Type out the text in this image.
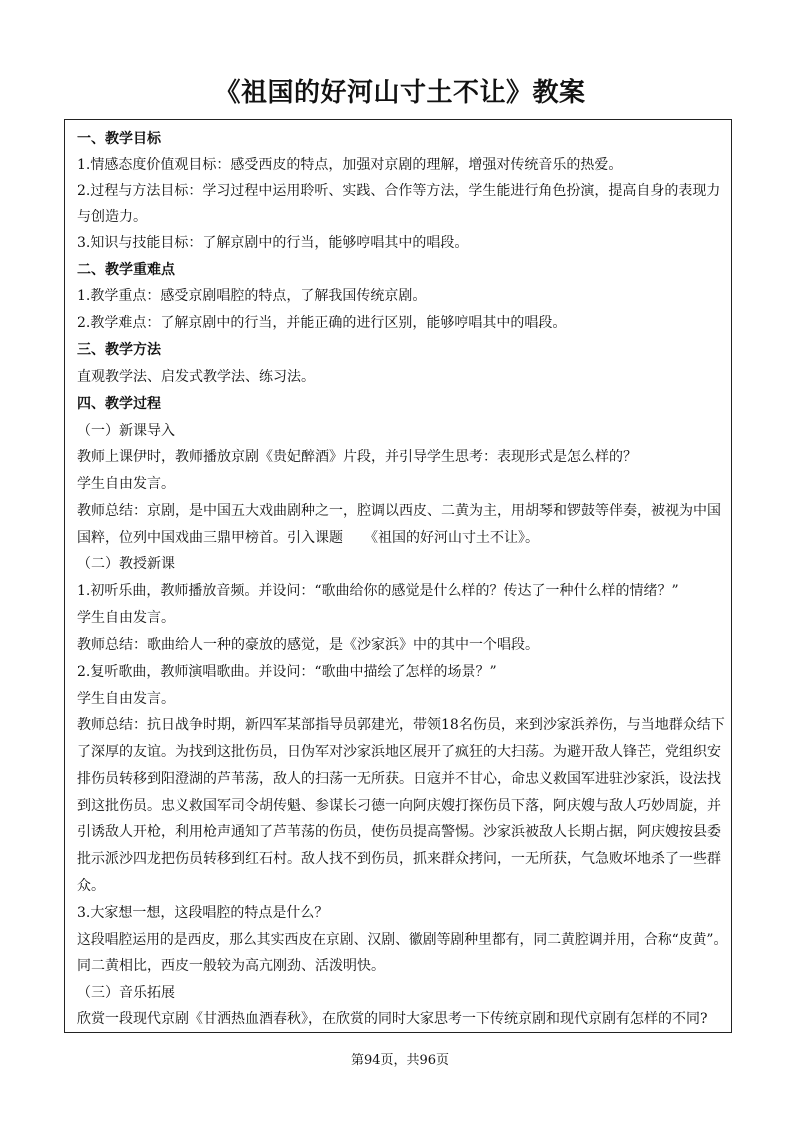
《祖国的好河山寸土不让》教案
一、教学目标
1.情感态度价值观目标：感受西皮的特点，加强对京剧的理解，增强对传统音乐的热爱。
2.过程与方法目标：学习过程中运用聆听、实践、合作等方法，学生能进行角色扮演，提高自身的表现力
与创造力。
3.知识与技能目标：了解京剧中的行当，能够哼唱其中的唱段。
二、教学重难点
1.教学重点：感受京剧唱腔的特点，了解我国传统京剧。
2.教学难点：了解京剧中的行当，并能正确的进行区别，能够哼唱其中的唱段。
三、教学方法
直观教学法、启发式教学法、练习法。
四、教学过程
（一）新课导入
教师上课伊时，教师播放京剧《贵妃醉酒》片段，并引导学生思考：表现形式是怎么样的？
学生自由发言。
教师总结：京剧，是中国五大戏曲剧种之一，腔调以西皮、二黄为主，用胡琴和锣鼓等伴奏，被视为中国
国粹，位列中国戏曲三鼎甲榜首。引入课题　　《祖国的好河山寸土不让》。
（二）教授新课
1.初听乐曲，教师播放音频。并设问：“歌曲给你的感觉是什么样的？传达了一种什么样的情绪？”
学生自由发言。
教师总结：歌曲给人一种的豪放的感觉，是《沙家浜》中的其中一个唱段。
2.复听歌曲，教师演唱歌曲。并设问：“歌曲中描绘了怎样的场景？”
学生自由发言。
教师总结：抗日战争时期，新四军某部指导员郭建光，带领18名伤员，来到沙家浜养伤，与当地群众结下
了深厚的友谊。为找到这批伤员，日伪军对沙家浜地区展开了疯狂的大扫荡。为避开敌人锋芒，党组织安
排伤员转移到阳澄湖的芦苇荡，敌人的扫荡一无所获。日寇并不甘心，命忠义救国军进驻沙家浜，设法找
到这批伤员。忠义救国军司令胡传魁、参谋长刁德一向阿庆嫂打探伤员下落，阿庆嫂与敌人巧妙周旋，并
引诱敌人开枪，利用枪声通知了芦苇荡的伤员，使伤员提高警惕。沙家浜被敌人长期占据，阿庆嫂按县委
批示派沙四龙把伤员转移到红石村。敌人找不到伤员，抓来群众拷问，一无所获，气急败坏地杀了一些群
众。
3.大家想一想，这段唱腔的特点是什么？
这段唱腔运用的是西皮，那么其实西皮在京剧、汉剧、徽剧等剧种里都有，同二黄腔调并用，合称“皮黄”。
同二黄相比，西皮一般较为高亢刚劲、活泼明快。
（三）音乐拓展
欣赏一段现代京剧《甘洒热血酒春秋》，在欣赏的同时大家思考一下传统京剧和现代京剧有怎样的不同?
第94页，共96页
